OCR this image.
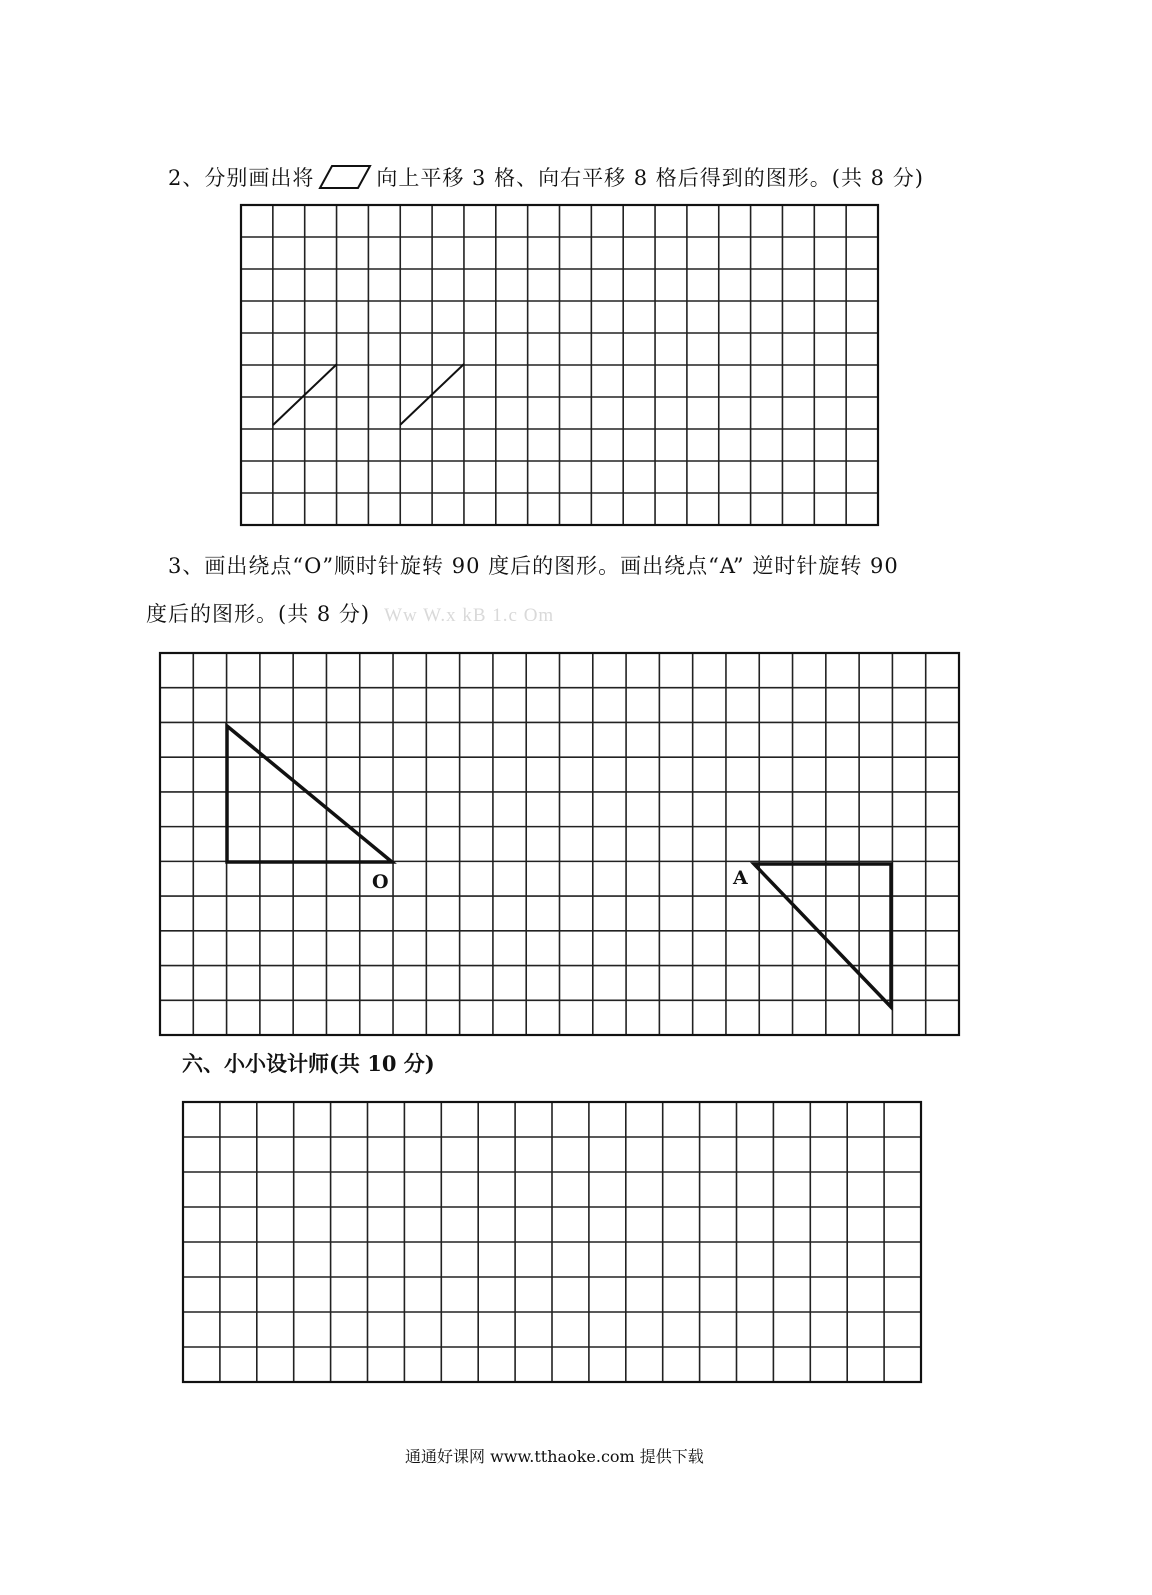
2、分别画出将	向上平移 3 格、向右平移 8 格后得到的图形。(共 8 分)
3、画出绕点“O”顺时针旋转 90 度后的图形。画出绕点“A” 逆时针旋转 90
度后的图形。(共 8 分) Ww W.x kB 1.c Om
O	A
六、小小设计师(共 10 分)
通通好课网 www.tthaoke.com 提供下载
